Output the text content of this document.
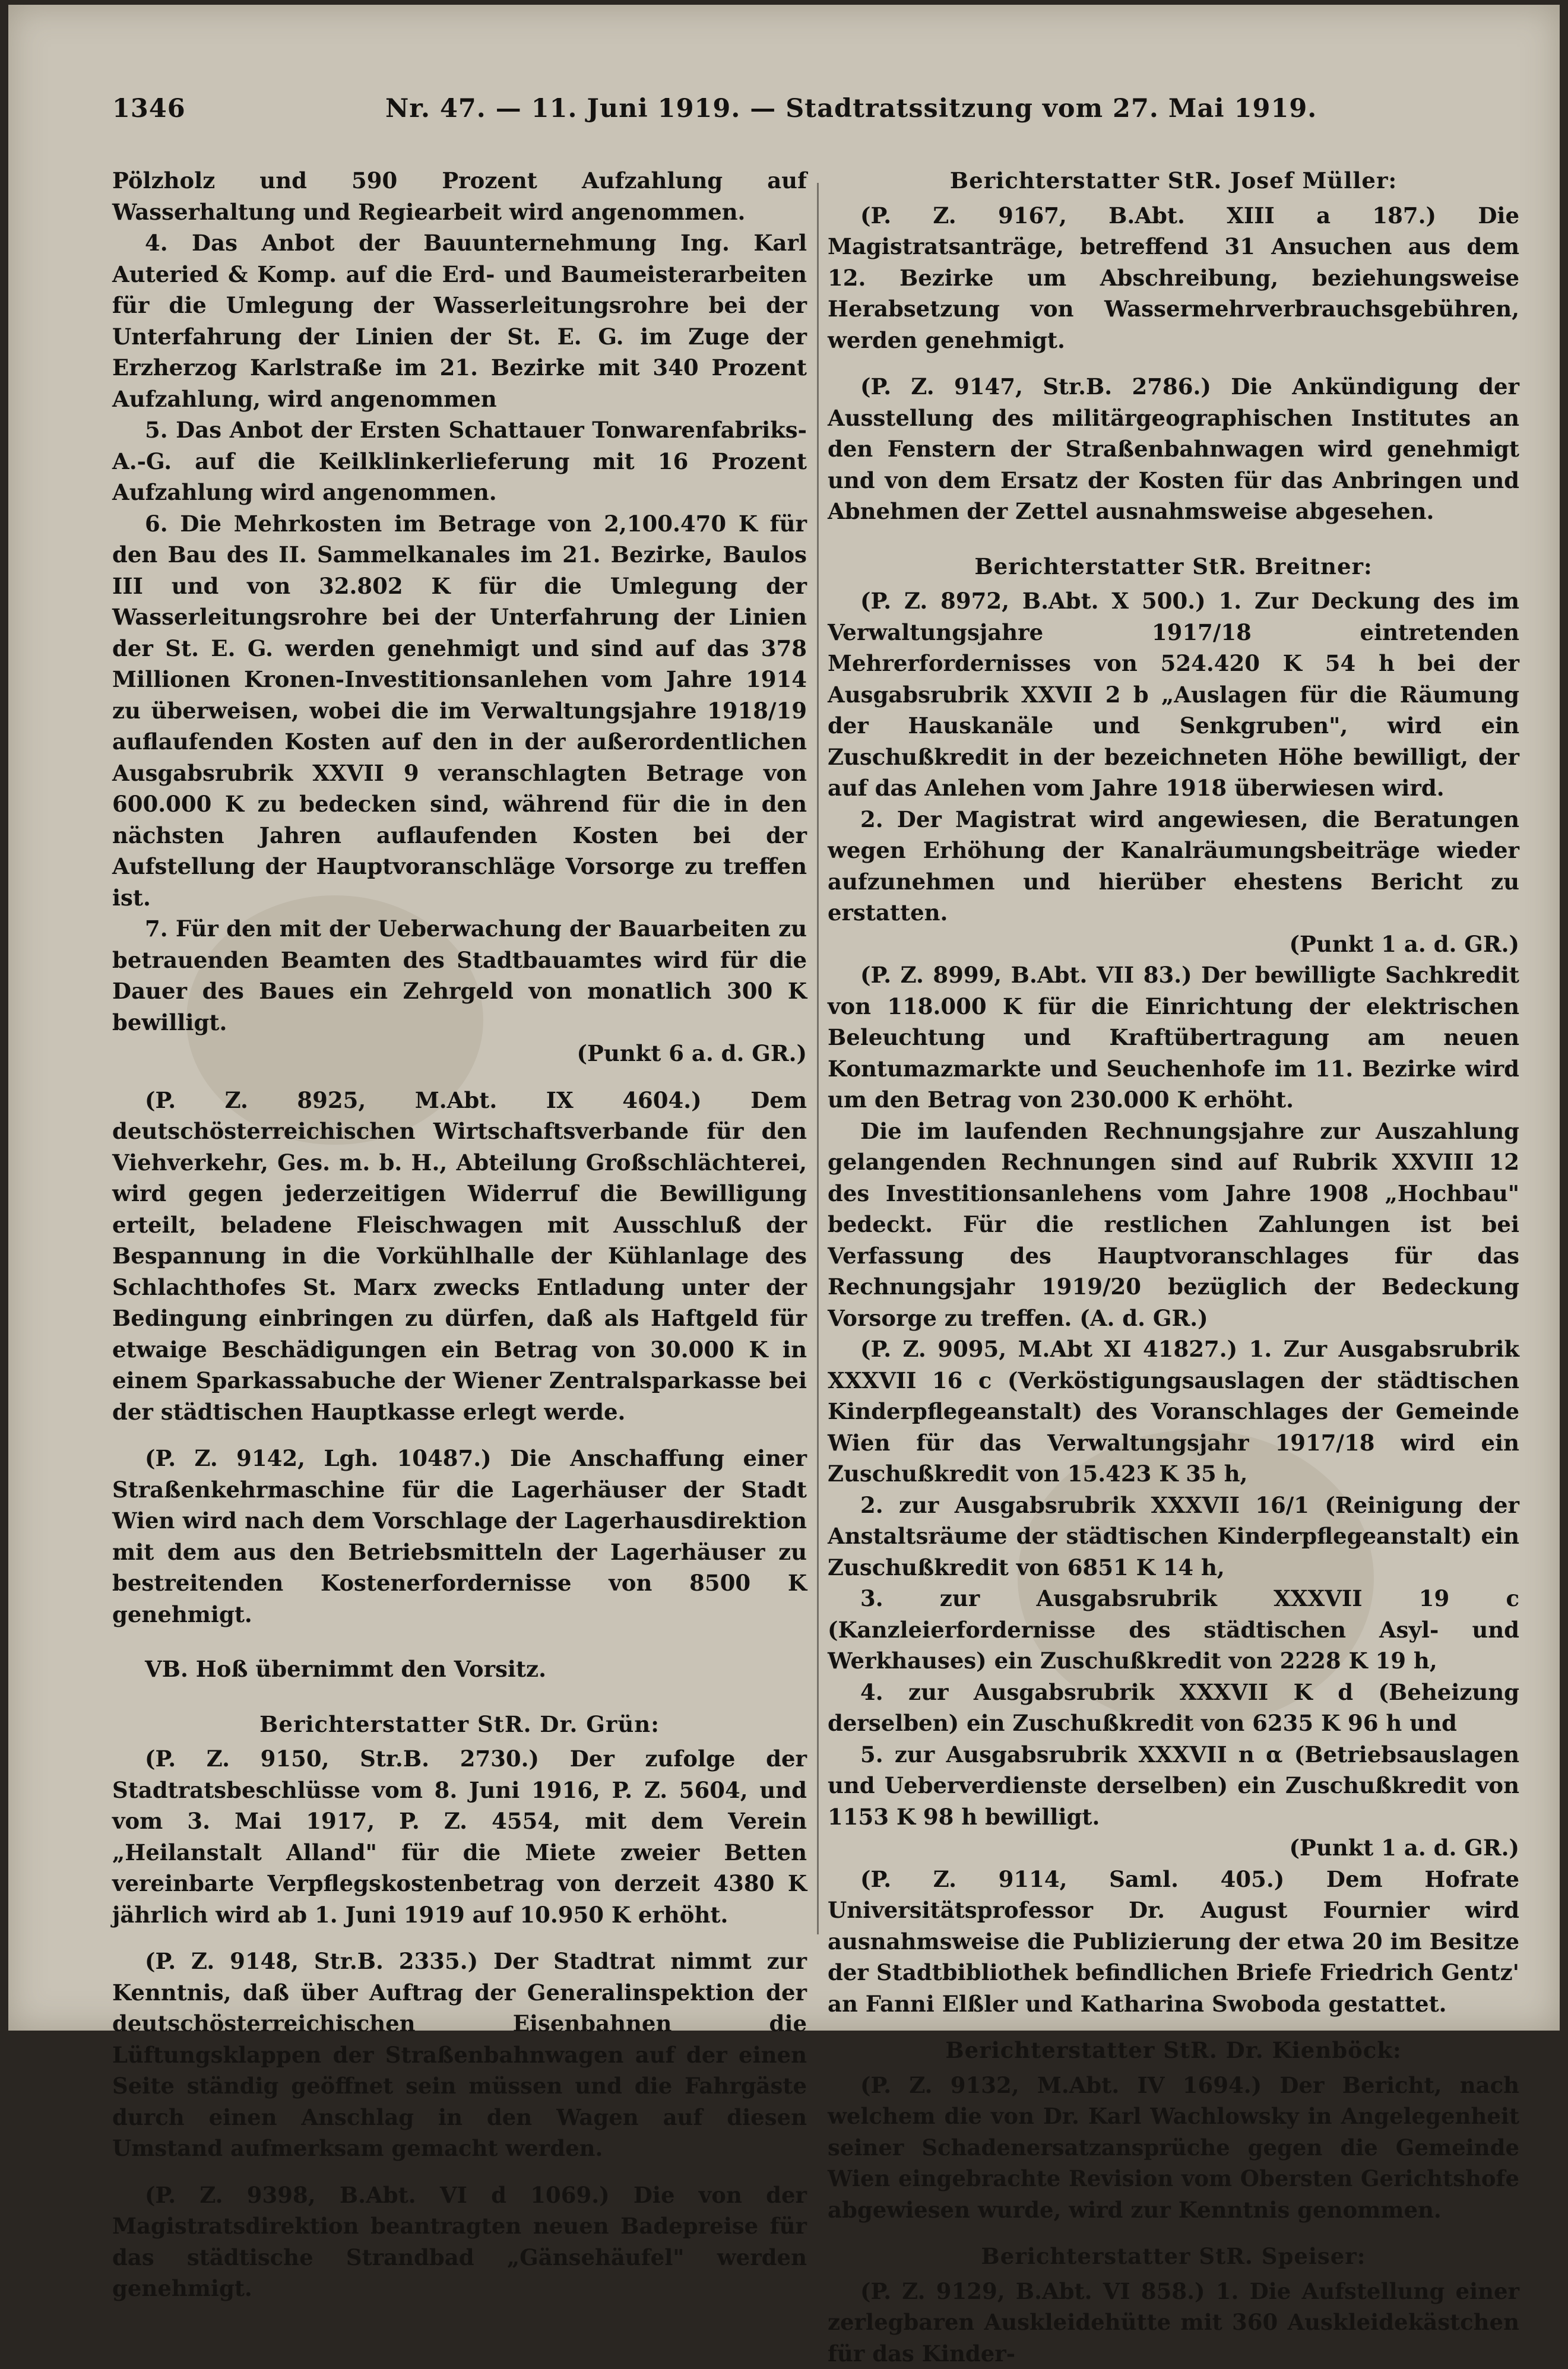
1346	Nr. 47. — 11. Juni 1919. — Stadtratssitzung vom 27. Mai 1919.

Pölzholz und 590 Prozent Aufzahlung auf Wasserhaltung und Regiearbeit wird angenommen.

4. Das Anbot der Bauunternehmung Ing. Karl Auteried & Komp. auf die Erd- und Baumeisterarbeiten für die Umlegung der Wasserleitungsrohre bei der Unterfahrung der Linien der St. E. G. im Zuge der Erzherzog Karlstraße im 21. Bezirke mit 340 Prozent Aufzahlung, wird angenommen

5. Das Anbot der Ersten Schattauer Tonwarenfabriks-A.-G. auf die Keilklinkerlieferung mit 16 Prozent Aufzahlung wird angenommen.

6. Die Mehrkosten im Betrage von 2,100.470 K für den Bau des II. Sammelkanales im 21. Bezirke, Baulos III und von 32.802 K für die Umlegung der Wasserleitungsrohre bei der Unterfahrung der Linien der St. E. G. werden genehmigt und sind auf das 378 Millionen Kronen-Investitionsanlehen vom Jahre 1914 zu überweisen, wobei die im Verwaltungsjahre 1918/19 auflaufenden Kosten auf den in der außerordentlichen Ausgabsrubrik XXVII 9 veranschlagten Betrage von 600.000 K zu bedecken sind, während für die in den nächsten Jahren auflaufenden Kosten bei der Aufstellung der Hauptvoranschläge Vorsorge zu treffen ist.

7. Für den mit der Ueberwachung der Bauarbeiten zu betrauenden Beamten des Stadtbauamtes wird für die Dauer des Baues ein Zehrgeld von monatlich 300 K bewilligt.

(Punkt 6 a. d. GR.)

(P. Z. 8925, M.Abt. IX 4604.) Dem deutschösterreichischen Wirtschaftsverbande für den Viehverkehr, Ges. m. b. H., Abteilung Großschlächterei, wird gegen jederzeitigen Widerruf die Bewilligung erteilt, beladene Fleischwagen mit Ausschluß der Bespannung in die Vorkühlhalle der Kühlanlage des Schlachthofes St. Marx zwecks Entladung unter der Bedingung einbringen zu dürfen, daß als Haftgeld für etwaige Beschädigungen ein Betrag von 30.000 K in einem Sparkassabuche der Wiener Zentralsparkasse bei der städtischen Hauptkasse erlegt werde.

(P. Z. 9142, Lgh. 10487.) Die Anschaffung einer Straßenkehrmaschine für die Lagerhäuser der Stadt Wien wird nach dem Vorschlage der Lagerhausdirektion mit dem aus den Betriebsmitteln der Lagerhäuser zu bestreitenden Kostenerfordernisse von 8500 K genehmigt.

VB. Hoß übernimmt den Vorsitz.

Berichterstatter StR. Dr. Grün:

(P. Z. 9150, Str.B. 2730.) Der zufolge der Stadtratsbeschlüsse vom 8. Juni 1916, P. Z. 5604, und vom 3. Mai 1917, P. Z. 4554, mit dem Verein „Heilanstalt Alland" für die Miete zweier Betten vereinbarte Verpflegskostenbetrag von derzeit 4380 K jährlich wird ab 1. Juni 1919 auf 10.950 K erhöht.

(P. Z. 9148, Str.B. 2335.) Der Stadtrat nimmt zur Kenntnis, daß über Auftrag der Generalinspektion der deutschösterreichischen Eisenbahnen die Lüftungsklappen der Straßenbahnwagen auf der einen Seite ständig geöffnet sein müssen und die Fahrgäste durch einen Anschlag in den Wagen auf diesen Umstand aufmerksam gemacht werden.

(P. Z. 9398, B.Abt. VI d 1069.) Die von der Magistratsdirektion beantragten neuen Badepreise für das städtische Strandbad „Gänsehäufel" werden genehmigt.

Berichterstatter StR. Josef Müller:

(P. Z. 9167, B.Abt. XIII a 187.) Die Magistratsanträge, betreffend 31 Ansuchen aus dem 12. Bezirke um Abschreibung, beziehungsweise Herabsetzung von Wassermehrverbrauchsgebühren, werden genehmigt.

(P. Z. 9147, Str.B. 2786.) Die Ankündigung der Ausstellung des militärgeographischen Institutes an den Fenstern der Straßenbahnwagen wird genehmigt und von dem Ersatz der Kosten für das Anbringen und Abnehmen der Zettel ausnahmsweise abgesehen.

Berichterstatter StR. Breitner:

(P. Z. 8972, B.Abt. X 500.) 1. Zur Deckung des im Verwaltungsjahre 1917/18 eintretenden Mehrerfordernisses von 524.420 K 54 h bei der Ausgabsrubrik XXVII 2 b „Auslagen für die Räumung der Hauskanäle und Senkgruben", wird ein Zuschußkredit in der bezeichneten Höhe bewilligt, der auf das Anlehen vom Jahre 1918 überwiesen wird.

2. Der Magistrat wird angewiesen, die Beratungen wegen Erhöhung der Kanalräumungsbeiträge wieder aufzunehmen und hierüber ehestens Bericht zu erstatten.

(Punkt 1 a. d. GR.)

(P. Z. 8999, B.Abt. VII 83.) Der bewilligte Sachkredit von 118.000 K für die Einrichtung der elektrischen Beleuchtung und Kraftübertragung am neuen Kontumazmarkte und Seuchenhofe im 11. Bezirke wird um den Betrag von 230.000 K erhöht.

Die im laufenden Rechnungsjahre zur Auszahlung gelangenden Rechnungen sind auf Rubrik XXVIII 12 des Investitionsanlehens vom Jahre 1908 „Hochbau" bedeckt. Für die restlichen Zahlungen ist bei Verfassung des Hauptvoranschlages für das Rechnungsjahr 1919/20 bezüglich der Bedeckung Vorsorge zu treffen. (A. d. GR.)

(P. Z. 9095, M.Abt XI 41827.) 1. Zur Ausgabsrubrik XXXVII 16 c (Verköstigungsauslagen der städtischen Kinderpflegeanstalt) des Voranschlages der Gemeinde Wien für das Verwaltungsjahr 1917/18 wird ein Zuschußkredit von 15.423 K 35 h,

2. zur Ausgabsrubrik XXXVII 16/1 (Reinigung der Anstaltsräume der städtischen Kinderpflegeanstalt) ein Zuschußkredit von 6851 K 14 h,

3. zur Ausgabsrubrik XXXVII 19 c (Kanzleierfordernisse des städtischen Asyl- und Werkhauses) ein Zuschußkredit von 2228 K 19 h,

4. zur Ausgabsrubrik XXXVII K d (Beheizung derselben) ein Zuschußkredit von 6235 K 96 h und

5. zur Ausgabsrubrik XXXVII n α (Betriebsauslagen und Ueberverdienste derselben) ein Zuschußkredit von 1153 K 98 h bewilligt.

(Punkt 1 a. d. GR.)

(P. Z. 9114, Saml. 405.) Dem Hofrate Universitätsprofessor Dr. August Fournier wird ausnahmsweise die Publizierung der etwa 20 im Besitze der Stadtbibliothek befindlichen Briefe Friedrich Gentz' an Fanni Elßler und Katharina Swoboda gestattet.

Berichterstatter StR. Dr. Kienböck:

(P. Z. 9132, M.Abt. IV 1694.) Der Bericht, nach welchem die von Dr. Karl Wachlowsky in Angelegenheit seiner Schadenersatzansprüche gegen die Gemeinde Wien eingebrachte Revision vom Obersten Gerichtshofe abgewiesen wurde, wird zur Kenntnis genommen.

Berichterstatter StR. Speiser:

(P. Z. 9129, B.Abt. VI 858.) 1. Die Aufstellung einer zerlegbaren Auskleidehütte mit 360 Auskleidekästchen für das Kinder-
